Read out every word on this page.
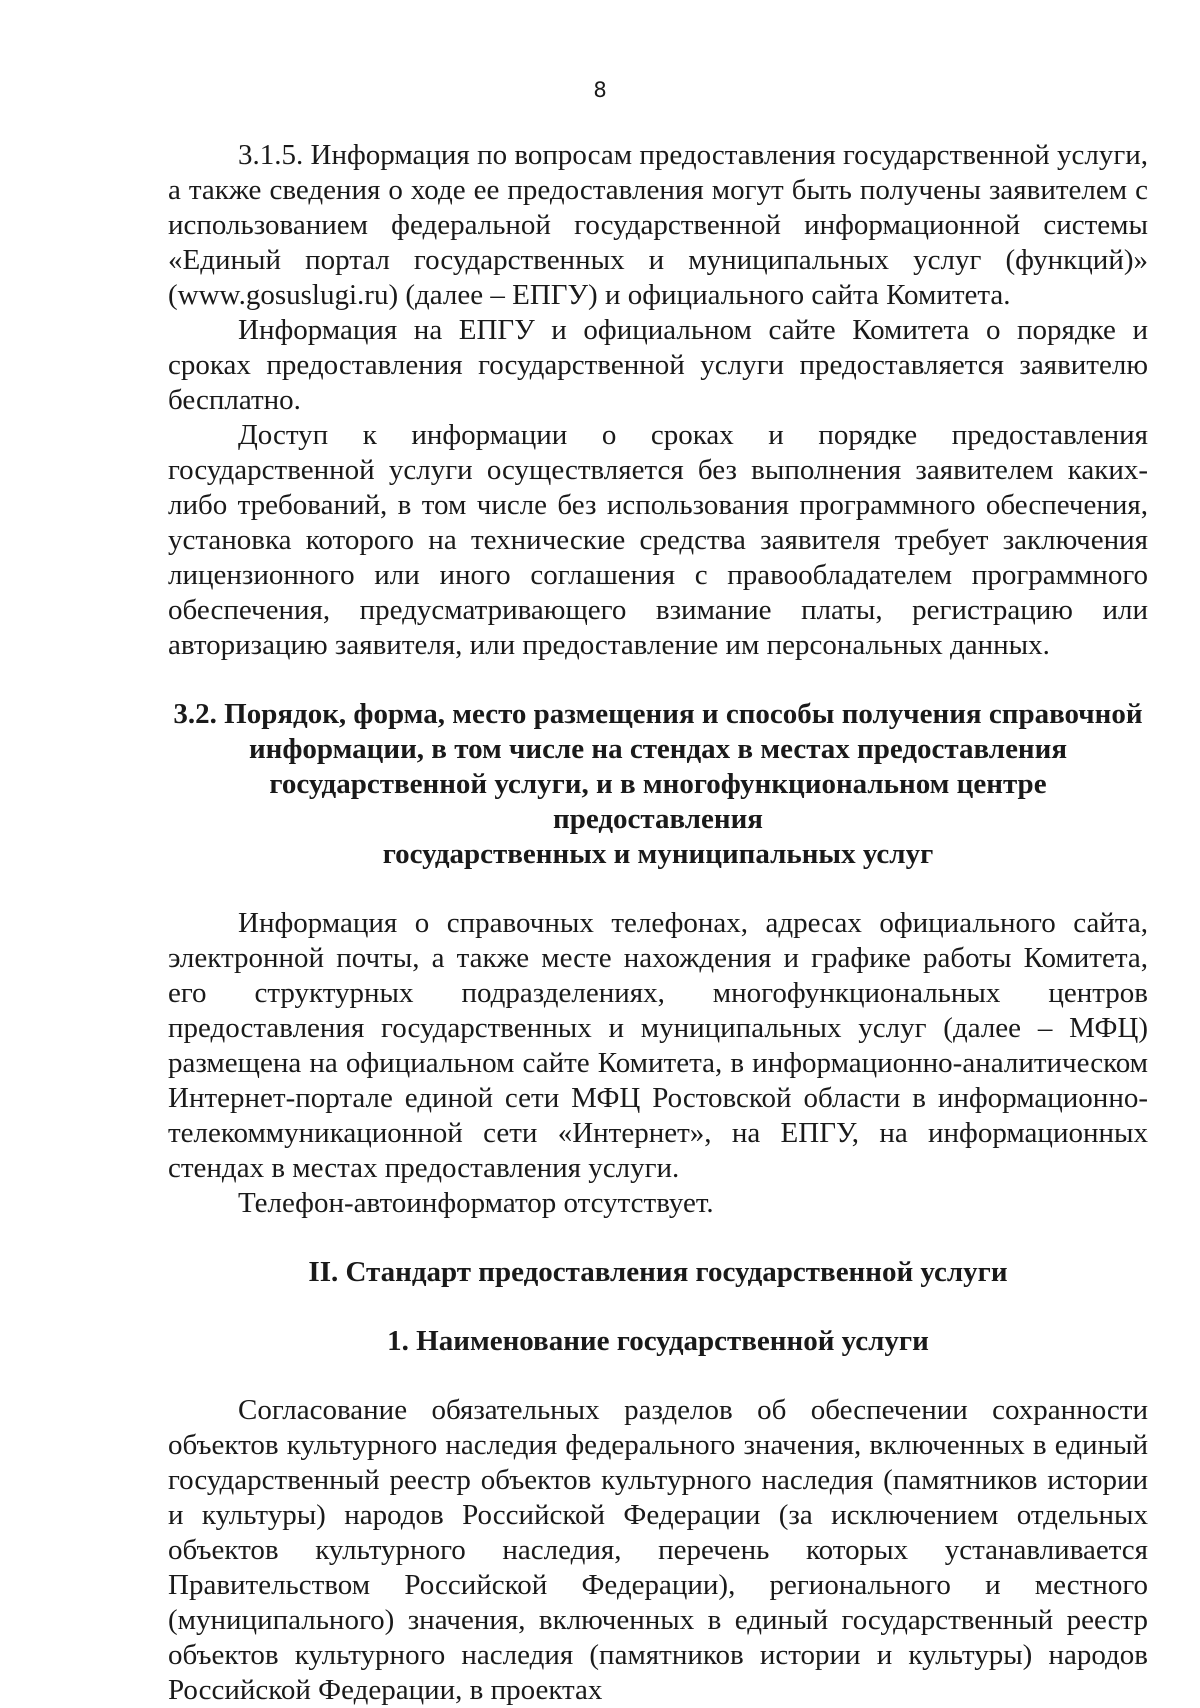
8

3.1.5. Информация по вопросам предоставления государственной услуги, а также сведения о ходе ее предоставления могут быть получены заявителем с использованием федеральной государственной информационной системы «Единый портал государственных и муниципальных услуг (функций)» (www.gosuslugi.ru) (далее – ЕПГУ) и официального сайта Комитета.

Информация на ЕПГУ и официальном сайте Комитета о порядке и сроках предоставления государственной услуги предоставляется заявителю бесплатно.

Доступ к информации о сроках и порядке предоставления государственной услуги осуществляется без выполнения заявителем каких-либо требований, в том числе без использования программного обеспечения, установка которого на технические средства заявителя требует заключения лицензионного или иного соглашения с правообладателем программного обеспечения, предусматривающего взимание платы, регистрацию или авторизацию заявителя, или предоставление им персональных данных.

3.2. Порядок, форма, место размещения и способы получения справочной
информации, в том числе на стендах в местах предоставления
государственной услуги, и в многофункциональном центре предоставления
государственных и муниципальных услуг

Информация о справочных телефонах, адресах официального сайта, электронной почты, а также месте нахождения и графике работы Комитета, его структурных подразделениях, многофункциональных центров предоставления государственных и муниципальных услуг (далее – МФЦ) размещена на официальном сайте Комитета, в информационно-аналитическом Интернет-портале единой сети МФЦ Ростовской области в информационно-телекоммуникационной сети «Интернет», на ЕПГУ, на информационных стендах в местах предоставления услуги.

Телефон-автоинформатор отсутствует.

II. Стандарт предоставления государственной услуги
1. Наименование государственной услуги

Согласование обязательных разделов об обеспечении сохранности объектов культурного наследия федерального значения, включенных в единый государственный реестр объектов культурного наследия (памятников истории и культуры) народов Российской Федерации (за исключением отдельных объектов культурного наследия, перечень которых устанавливается Правительством Российской Федерации), регионального и местного (муниципального) значения, включенных в единый государственный реестр объектов культурного наследия (памятников истории и культуры) народов Российской Федерации, в проектах
